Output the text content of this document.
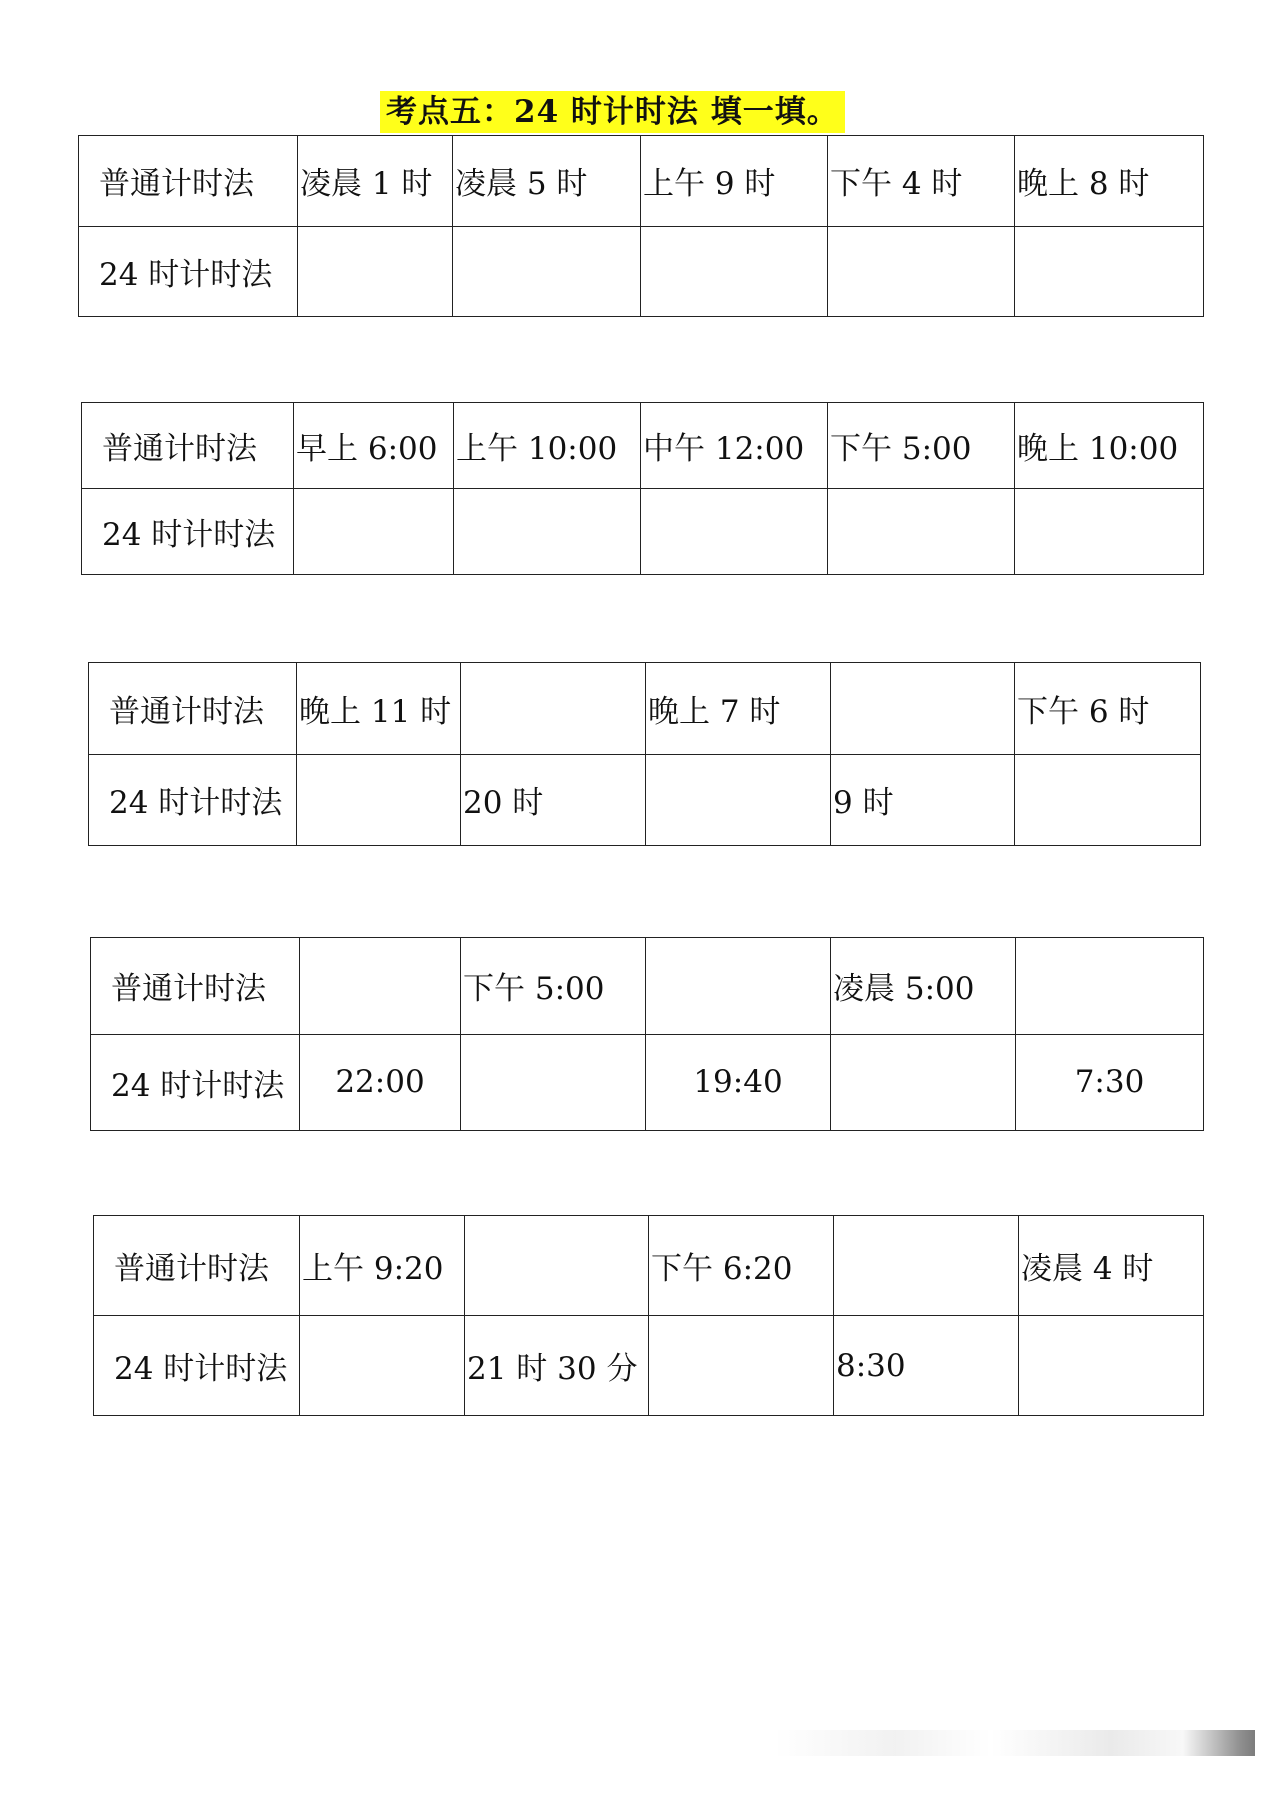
考点五：24 时计时法 填一填。
普通计时法	凌晨 1 时	凌晨 5 时	上午 9 时	下午 4 时	晚上 8 时
24 时计时法					
普通计时法	早上 6:00	上午 10:00	中午 12:00	下午 5:00	晚上 10:00
24 时计时法					
普通计时法	晚上 11 时		晚上 7 时		下午 6 时
24 时计时法		20 时		9 时	
普通计时法		下午 5:00		凌晨 5:00	
24 时计时法	22:00		19:40		7:30
普通计时法	上午 9:20		下午 6:20		凌晨 4 时
24 时计时法		21 时 30 分		8:30	
